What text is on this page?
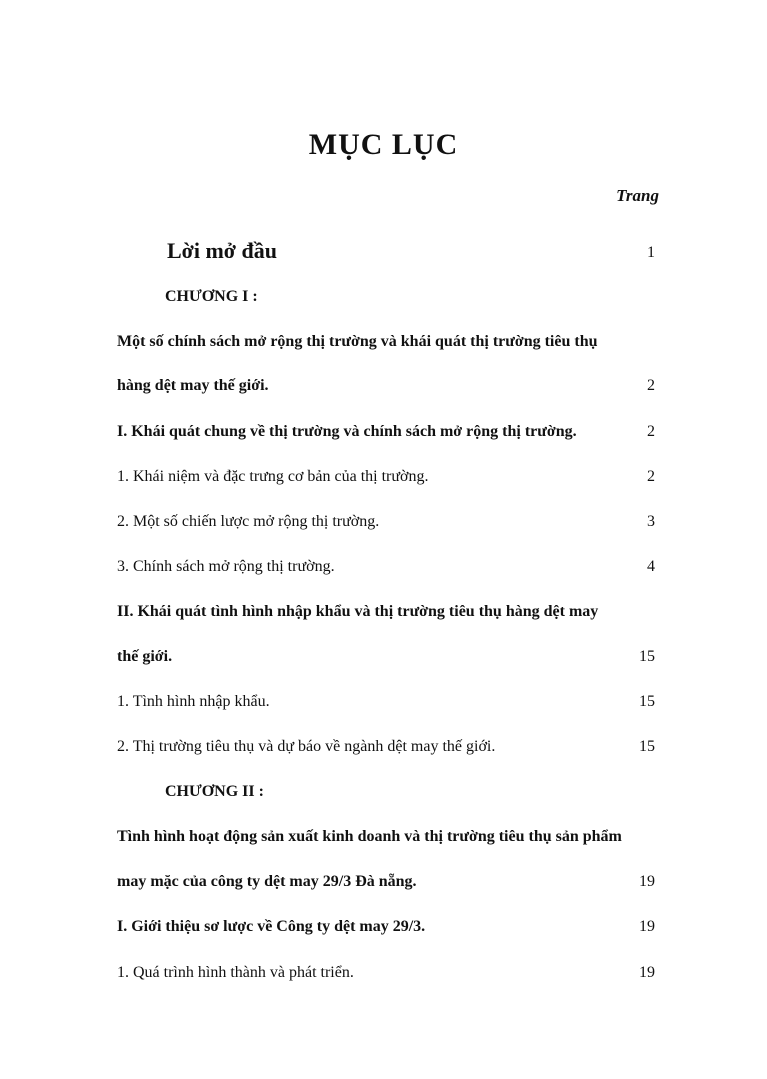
MỤC LỤC
Trang
Lời mở đầu	1
CHƯƠNG I :
Một số chính sách mở rộng thị trường và khái quát thị trường tiêu thụ
hàng dệt may thế giới.	2
I. Khái quát chung về thị trường và chính sách mở rộng thị trường.	2
1. Khái niệm và đặc trưng cơ bản của thị trường.	2
2. Một số chiến lược mở rộng thị trường.	3
3. Chính sách mở rộng thị trường.	4
II. Khái quát tình hình nhập khẩu và thị trường tiêu thụ hàng dệt may
thế giới.	15
1. Tình hình nhập khẩu.	15
2. Thị trường tiêu thụ và dự báo về ngành dệt may thế giới.	15
CHƯƠNG II :
Tình hình hoạt động sản xuất kinh doanh và thị trường tiêu thụ sản phẩm
may mặc của công ty dệt may 29/3 Đà nẵng.	19
I. Giới thiệu sơ lược về Công ty dệt may 29/3.	19
1. Quá trình hình thành và phát triển.	19
